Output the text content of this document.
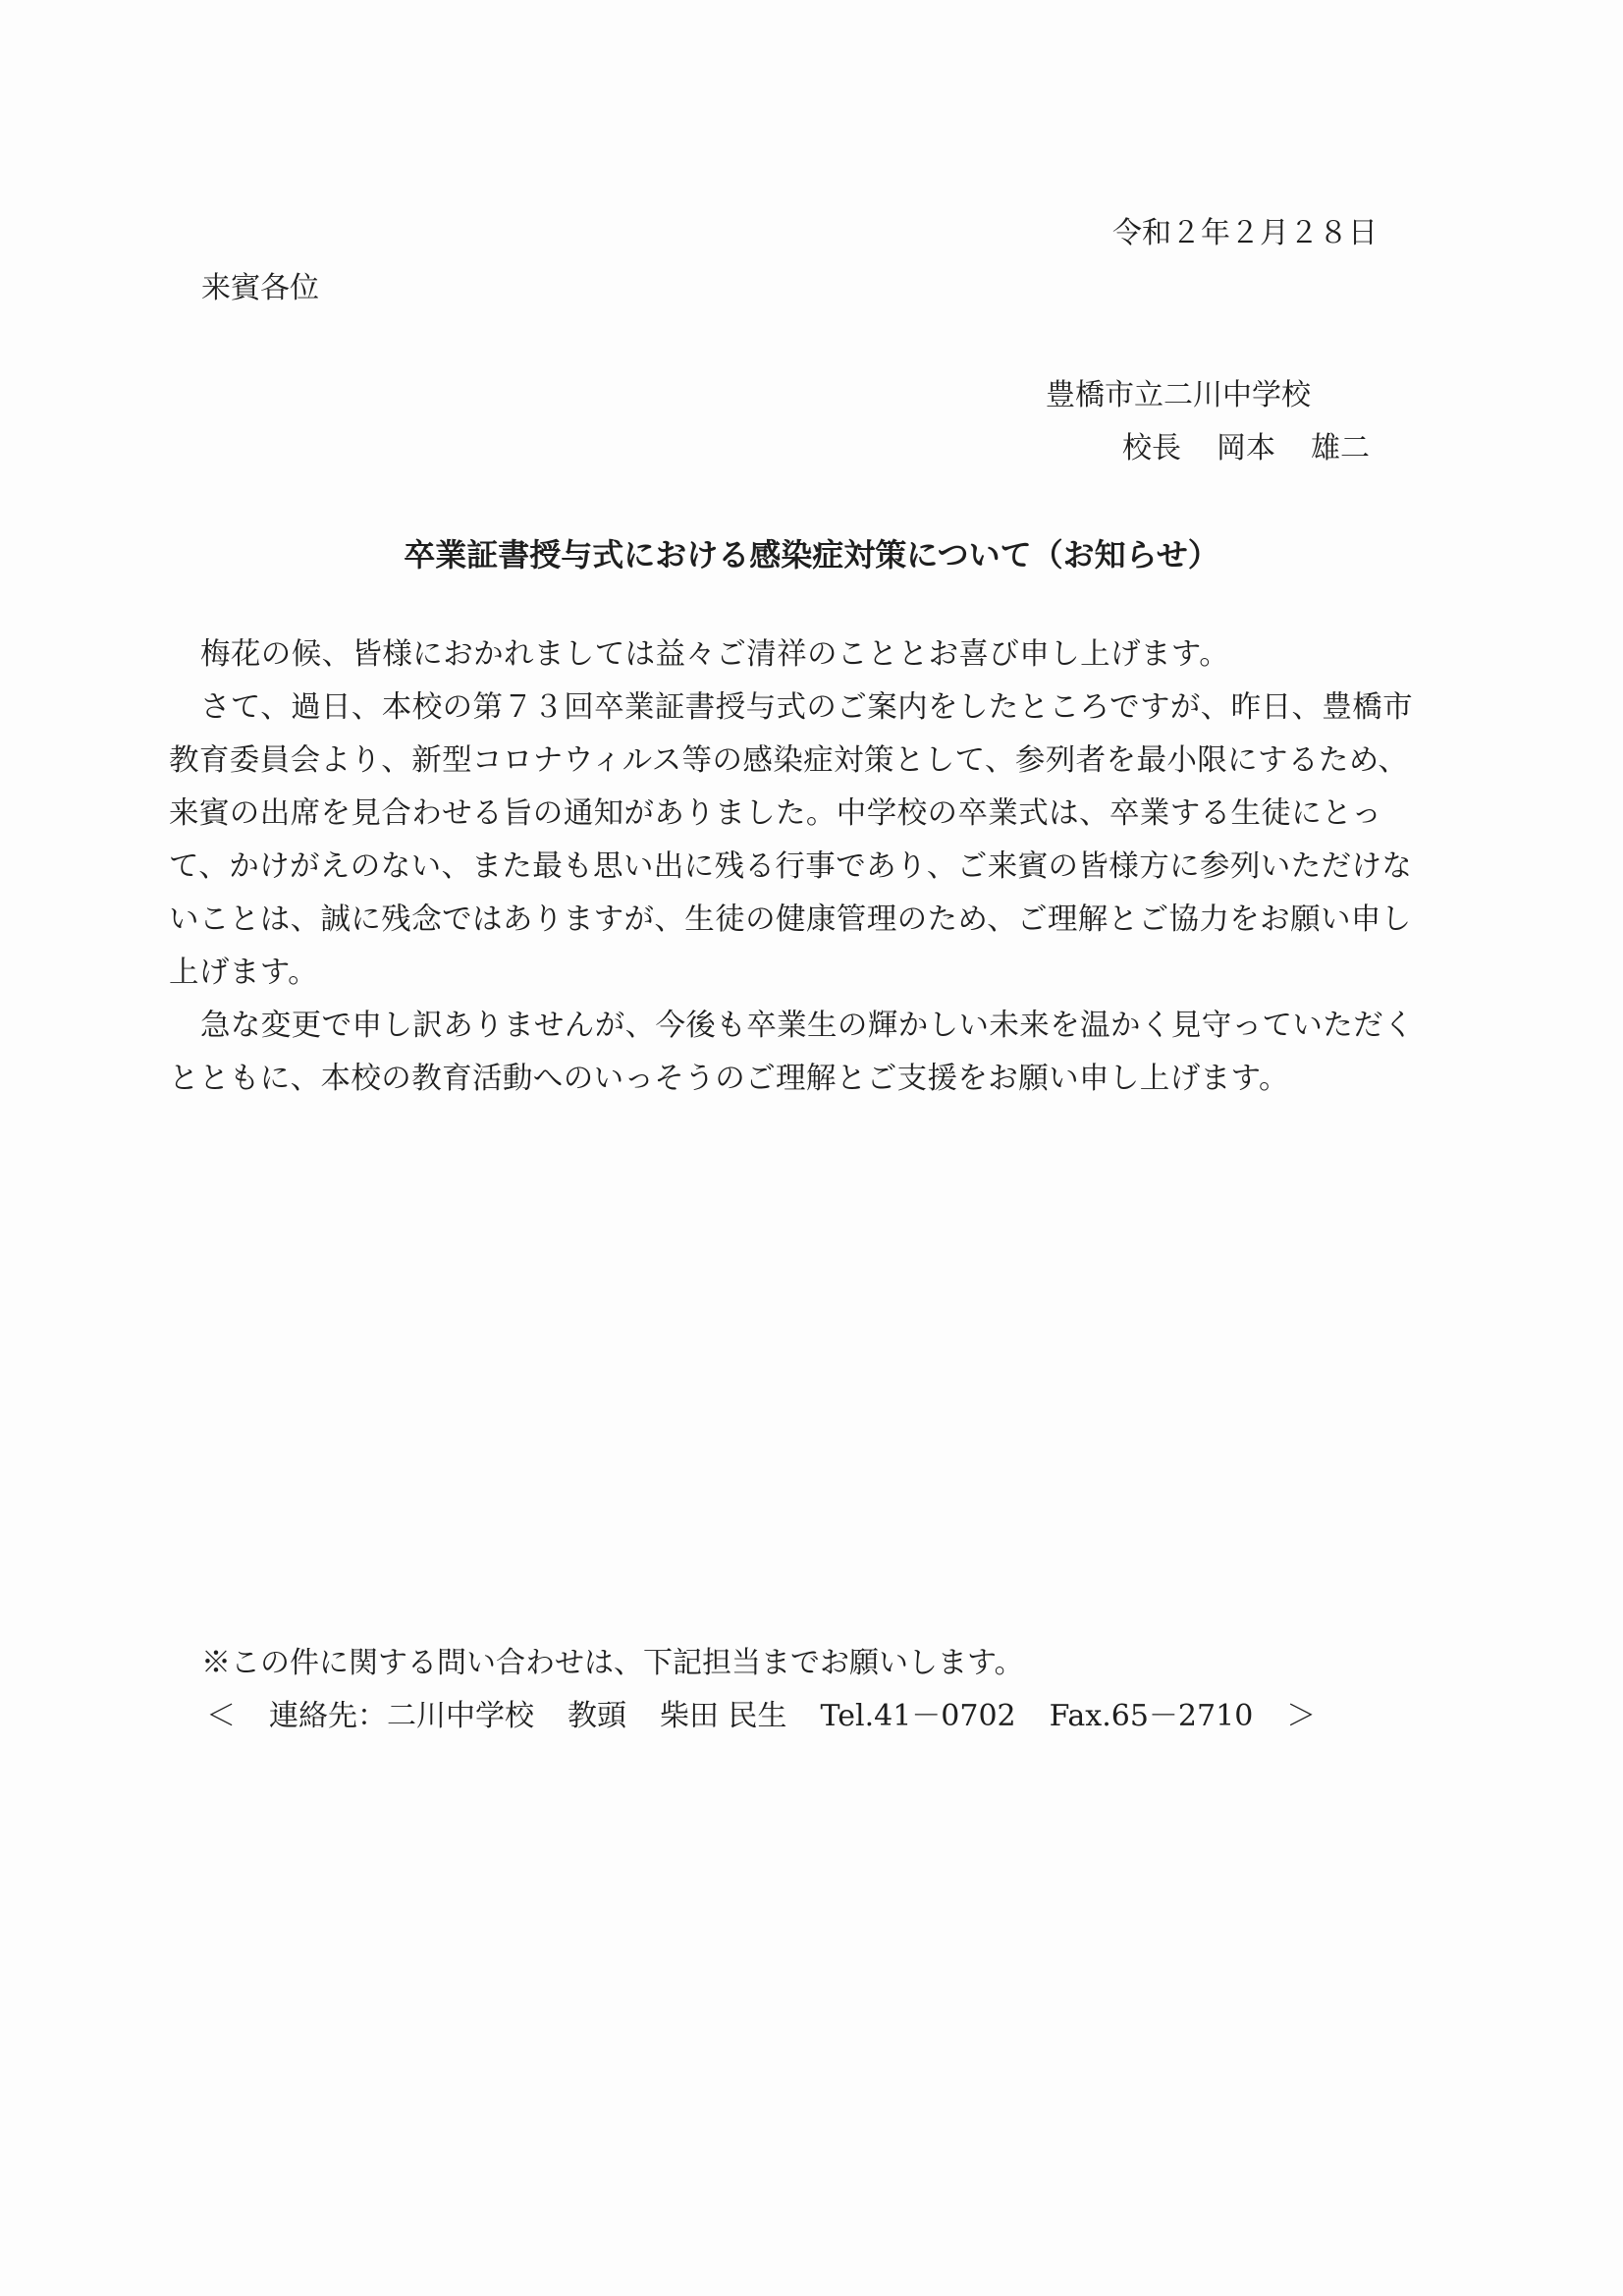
令和２年２月２８日
来賓各位
豊橋市立二川中学校
校長 岡本 雄二
卒業証書授与式における感染症対策について（お知らせ）

梅花の候、皆様におかれましては益々ご清祥のこととお喜び申し上げます。

さて、過日、本校の第７３回卒業証書授与式のご案内をしたところですが、昨日、豊橋市教育委員会より、新型コロナウィルス等の感染症対策として、参列者を最小限にするため、来賓の出席を見合わせる旨の通知がありました。中学校の卒業式は、卒業する生徒にとって、かけがえのない、また最も思い出に残る行事であり、ご来賓の皆様方に参列いただけないことは、誠に残念ではありますが、生徒の健康管理のため、ご理解とご協力をお願い申し上げます。

急な変更で申し訳ありませんが、今後も卒業生の輝かしい未来を温かく見守っていただくとともに、本校の教育活動へのいっそうのご理解とご支援をお願い申し上げます。

※この件に関する問い合わせは、下記担当までお願いします。
＜ 連絡先：二川中学校 教頭 柴田 民生 Tel.41－0702 Fax.65－2710 ＞
